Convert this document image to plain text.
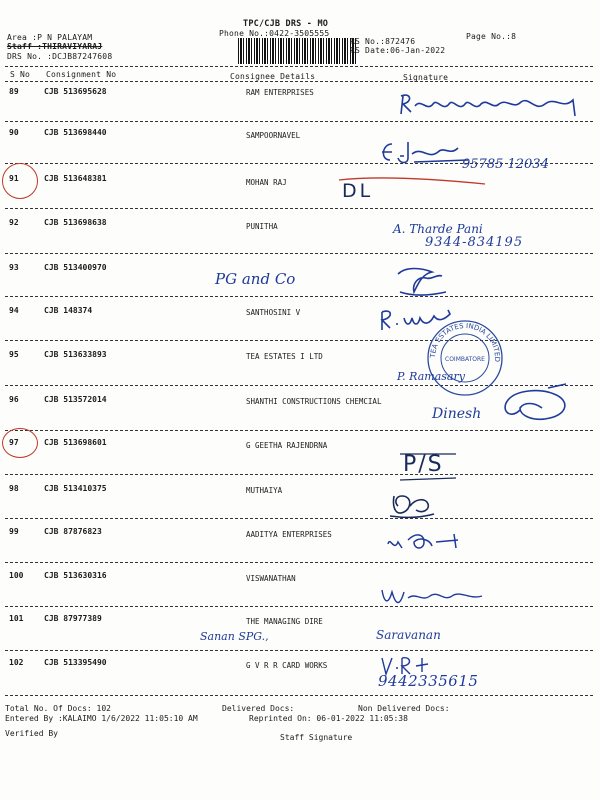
TPC/CJB DRS - MO
Phone No.:0422-3505555
Area :P N PALAYAM
Staff :THIRAVIYARAJ
DRS No. :DCJB87247608
RS No.:872476
RS Date:06-Jan-2022
Page No.:8
S No Consignment No	Consignee Details	Signature
89	CJB 513695628	RAM ENTERPRISES
90	CJB 513698440	SAMPOORNAVEL
91	CJB 513648381	MOHAN RAJ
92	CJB 513698638	PUNITHA
93	CJB 513400970
94	CJB 148374	SANTHOSINI V
95	CJB 513633893	TEA ESTATES I LTD
96	CJB 513572014	SHANTHI CONSTRUCTIONS CHEMCIAL
97	CJB 513698601	G GEETHA RAJENDRNA
98	CJB 513410375	MUTHAIYA
99	CJB 87876823	AADITYA ENTERPRISES
100	CJB 513630316	VISWANATHAN
101	CJB 87977389	THE MANAGING DIRE
102	CJB 513395490	G V R R CARD WORKS
95785 12034
DL
A. Tharde Pani
9344-834195
PG and Co
TEA ESTATES INDIA LIMITED
COIMBATORE
P. Ramasary
Dinesh
P/S
Sanan SPG.,	Saravanan
9442335615
Total No. Of Docs: 102	Delivered Docs:	Non Delivered Docs:
Entered By :KALAIMO 1/6/2022 11:05:10 AM	Reprinted On: 06-01-2022 11:05:38
Verified By	Staff Signature
